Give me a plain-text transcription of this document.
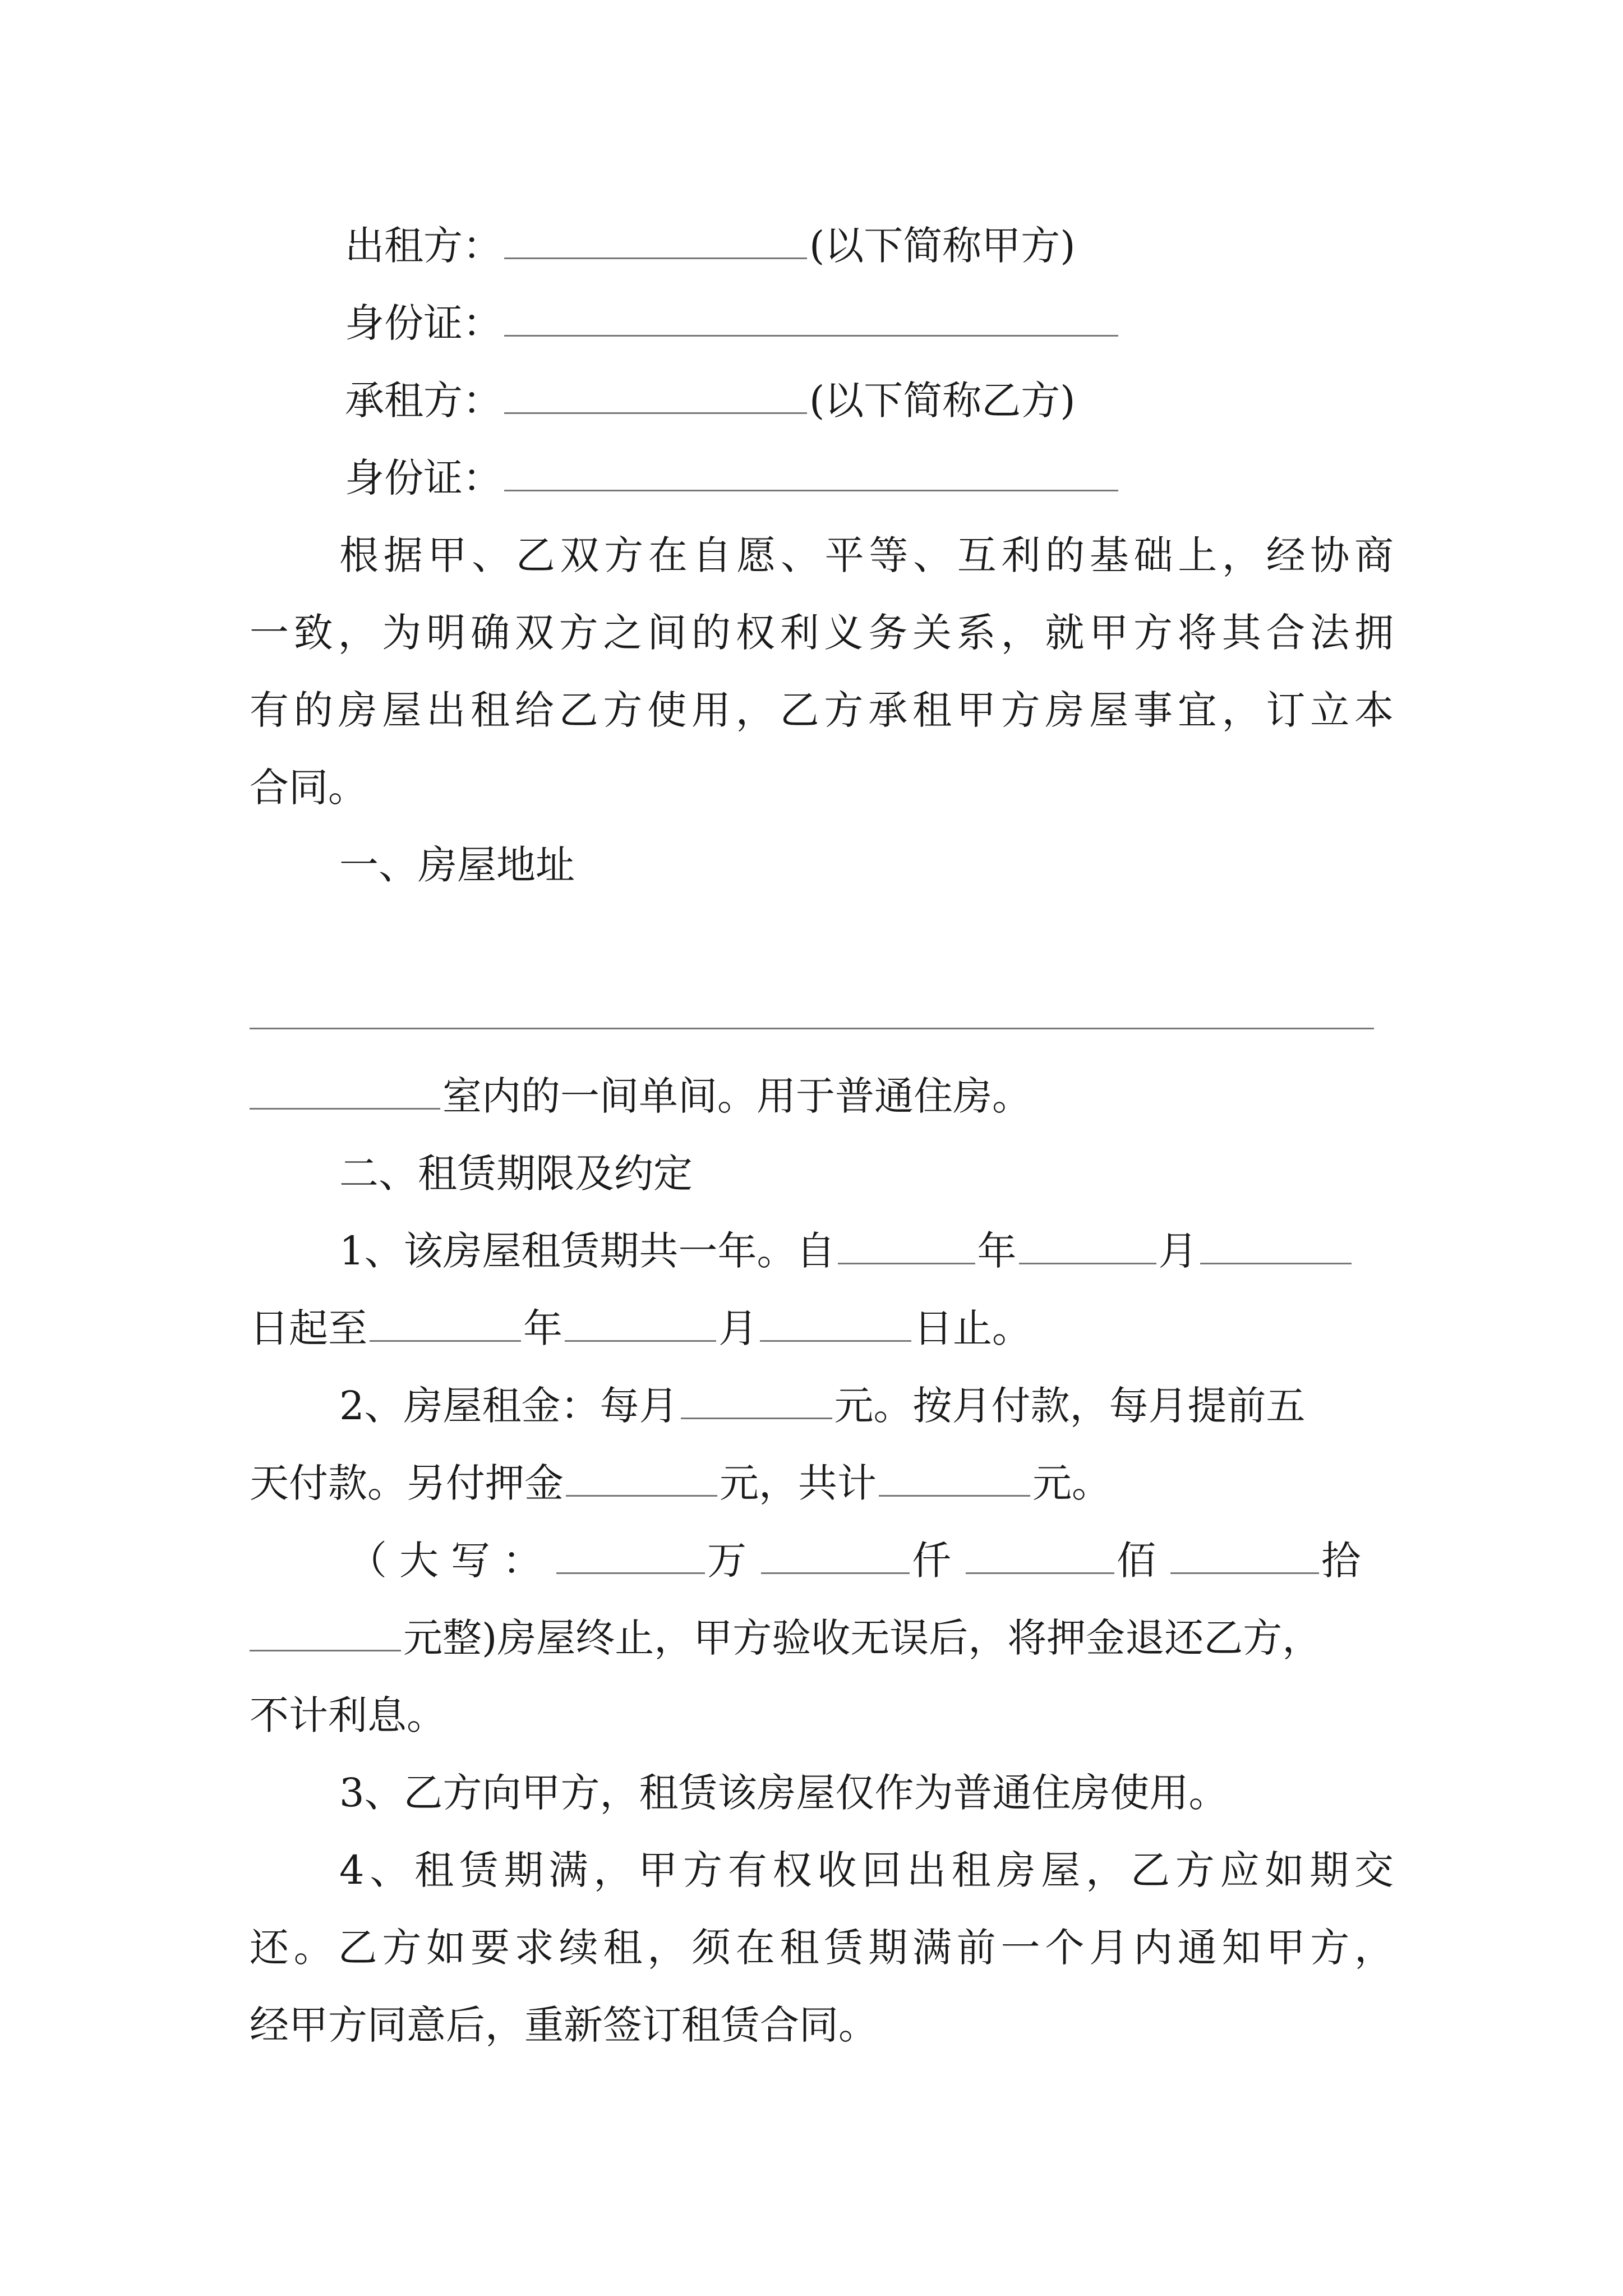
出租方：	(以下简称甲方)
身份证：
承租方：	(以下简称乙方)
身份证：
根据甲、乙双方在自愿、平等、互利的基础上，经协商
一致，为明确双方之间的权利义务关系，就甲方将其合法拥
有的房屋出租给乙方使用，乙方承租甲方房屋事宜，订立本
合同。
一、房屋地址
室内的一间单间。用于普通住房。
二、租赁期限及约定
1、该房屋租赁期共一年。自	年	月
日起至	年	月	日止。
2、房屋租金：每月	元。按月付款，每月提前五
天付款。另付押金	元，共计	元。
（大写：	万	仟	佰	拾
元整)房屋终止，甲方验收无误后，将押金退还乙方，
不计利息。
3、乙方向甲方，租赁该房屋仅作为普通住房使用。
4、租赁期满，甲方有权收回出租房屋，乙方应如期交
还。乙方如要求续租，须在租赁期满前一个月内通知甲方，
经甲方同意后，重新签订租赁合同。
